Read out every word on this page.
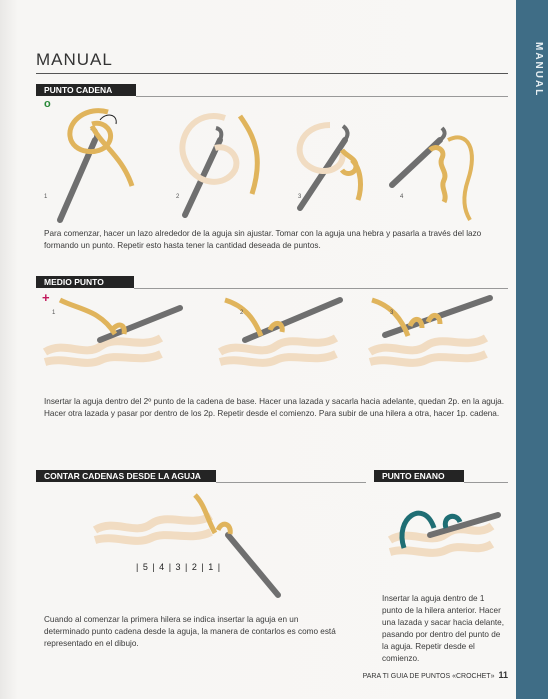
MANUAL
MANUAL
PUNTO CADENA
o
1	2	3	4
Para comenzar, hacer un lazo alrededor de la aguja sin ajustar. Tomar con la aguja una hebra y pasarla a través del lazo formando un punto. Repetir esto hasta tener la cantidad deseada de puntos.
MEDIO PUNTO
+
1	2	3
Insertar la aguja dentro del 2º punto de la cadena de base. Hacer una lazada y sacarla hacia adelante, quedan 2p. en la aguja. Hacer otra lazada y pasar por dentro de los 2p. Repetir desde el comienzo. Para subir de una hilera a otra, hacer 1p. cadena.
CONTAR CADENAS DESDE LA AGUJA
| 5 | 4 | 3 | 2 | 1 |
Cuando al comenzar la primera hilera se indica insertar la aguja en un determinado punto cadena desde la aguja, la manera de contarlos es como está representado en el dibujo.
PUNTO ENANO
Insertar la aguja dentro de 1 punto de la hilera anterior. Hacer una lazada y sacar hacia delante, pasando por dentro del punto de la aguja. Repetir desde el comienzo.
PARA TI GUIA DE PUNTOS «CROCHET» 11
